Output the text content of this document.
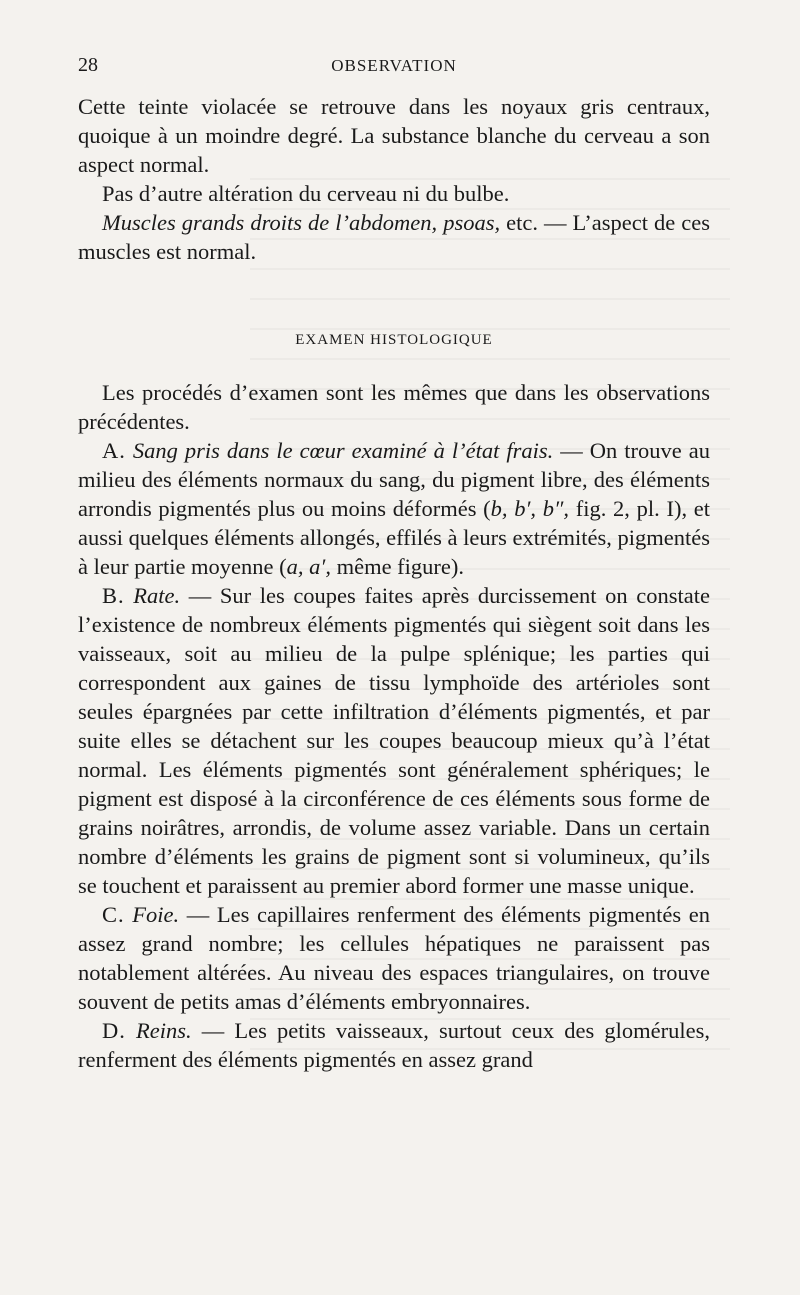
28	OBSERVATION

Cette teinte violacée se retrouve dans les noyaux gris centraux, quoique à un moindre degré. La substance blanche du cerveau a son aspect normal.

Pas d’autre altération du cerveau ni du bulbe.

Muscles grands droits de l’abdomen, psoas, etc. — L’aspect de ces muscles est normal.

EXAMEN HISTOLOGIQUE

Les procédés d’examen sont les mêmes que dans les observations précédentes.

A. Sang pris dans le cœur examiné à l’état frais. — On trouve au milieu des éléments normaux du sang, du pigment libre, des éléments arrondis pigmentés plus ou moins déformés (b, b′, b″, fig. 2, pl. I), et aussi quelques éléments allongés, effilés à leurs extrémités, pigmentés à leur partie moyenne (a, a′, même figure).

B. Rate. — Sur les coupes faites après durcissement on constate l’existence de nombreux éléments pigmentés qui siègent soit dans les vaisseaux, soit au milieu de la pulpe splénique; les parties qui correspondent aux gaines de tissu lymphoïde des artérioles sont seules épargnées par cette infiltration d’éléments pigmentés, et par suite elles se détachent sur les coupes beaucoup mieux qu’à l’état normal. Les éléments pigmentés sont généralement sphériques; le pigment est disposé à la circonférence de ces éléments sous forme de grains noirâtres, arrondis, de volume assez variable. Dans un certain nombre d’éléments les grains de pigment sont si volumineux, qu’ils se touchent et paraissent au premier abord former une masse unique.

C. Foie. — Les capillaires renferment des éléments pigmentés en assez grand nombre; les cellules hépatiques ne paraissent pas notablement altérées. Au niveau des espaces triangulaires, on trouve souvent de petits amas d’éléments embryonnaires.

D. Reins. — Les petits vaisseaux, surtout ceux des glomérules, renferment des éléments pigmentés en assez grand
